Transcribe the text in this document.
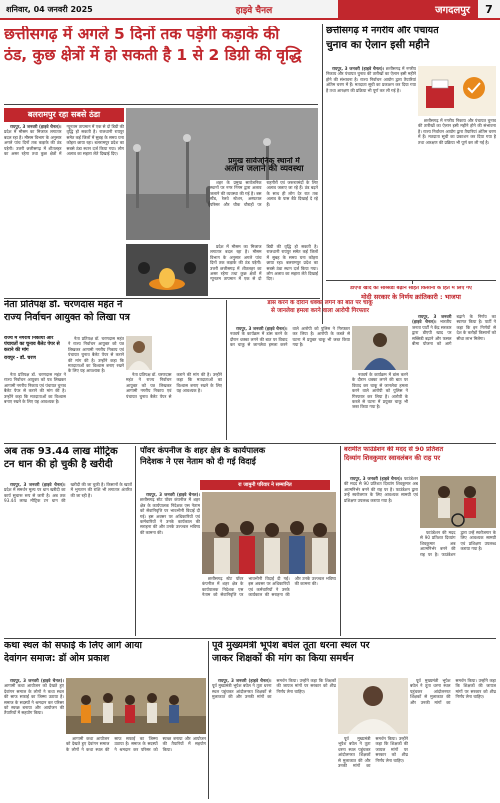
शनिवार, 04 जनवरी 2025	हाइवे चैनल	जगदलपुर	7
छत्तीसगढ़ में अगले 5 दिनों तक पड़ेगी कड़ाके की
ठंड, कुछ क्षेत्रों में हो सकती है 1 से 2 डिग्री की वृद्धि
बलरामपुर रहा सबसे ठंडा

रायपुर, 3 जनवरी (हाइवे चैनल)। प्रदेश में मौसम का मिजाज लगातार बदल रहा है। मौसम विभाग के अनुसार अगले पांच दिनों तक कड़ाके की ठंड पड़ेगी। उत्तरी छत्तीसगढ़ में शीतलहर का असर रहेगा तथा कुछ क्षेत्रों में न्यूनतम तापमान में एक से दो डिग्री की वृद्धि हो सकती है। राजधानी रायपुर समेत कई जिलों में सुबह के समय घना कोहरा छाया रहा। बलरामपुर प्रदेश का सबसे ठंडा स्थान दर्ज किया गया। लोग अलाव का सहारा लेते दिखाई दिए।

प्रदेश में मौसम का मिजाज लगातार बदल रहा है। मौसम विभाग के अनुसार अगले पांच दिनों तक कड़ाके की ठंड पड़ेगी। उत्तरी छत्तीसगढ़ में शीतलहर का असर रहेगा तथा कुछ क्षेत्रों में न्यूनतम तापमान में एक से दो डिग्री की वृद्धि हो सकती है। राजधानी रायपुर समेत कई जिलों में सुबह के समय घना कोहरा छाया रहा। बलरामपुर प्रदेश का सबसे ठंडा स्थान दर्ज किया गया। लोग अलाव का सहारा लेते दिखाई दिए।

प्रमुख सार्वजनिक स्थानों में
अलाव जलाने की व्यवस्था

शहर के प्रमुख सार्वजनिक स्थानों पर नगर निगम द्वारा अलाव जलाने की व्यवस्था की गई है। बस स्टैंड, रेलवे स्टेशन, अस्पताल परिसर और चौक चौराहों पर राहगीरों एवं जरूरतमंदों के लिए अलाव जलाए जा रहे हैं। ठंड बढ़ने के साथ ही लोग देर रात तक अलाव के पास बैठे दिखाई दे रहे हैं।

छत्तीसगढ़ में नगरीय और पंचायत
चुनाव का ऐलान इसी महीने

रायपुर, 3 जनवरी (हाइवे चैनल)। छत्तीसगढ़ में नगरीय निकाय और पंचायत चुनाव की तारीखों का ऐलान इसी महीने होने की संभावना है। राज्य निर्वाचन आयोग द्वारा तैयारियां अंतिम चरण में हैं। मतदाता सूची का प्रकाशन कर दिया गया है तथा आरक्षण की प्रक्रिया भी पूर्ण कर ली गई है।

छत्तीसगढ़ में नगरीय निकाय और पंचायत चुनाव की तारीखों का ऐलान इसी महीने होने की संभावना है। राज्य निर्वाचन आयोग द्वारा तैयारियां अंतिम चरण में हैं। मतदाता सूची का प्रकाशन कर दिया गया है तथा आरक्षण की प्रक्रिया भी पूर्ण कर ली गई है।

नेता प्रतिपक्ष डॉ. चरणदास महंत ने
राज्य निर्वाचन आयुक्त को लिखा पत्र
राज्य में नगरीय निकायों और पंचायतों का चुनाव बैलेट पेपर से कराने की मांग
रायपुर - डॉ. चरण

नेता प्रतिपक्ष डॉ. चरणदास महंत ने राज्य निर्वाचन आयुक्त को पत्र लिखकर आगामी नगरीय निकाय एवं पंचायत चुनाव बैलेट पेपर से कराने की मांग की है। उन्होंने कहा कि मतदाताओं का विश्वास बनाए रखने के लिए यह आवश्यक है।

नेता प्रतिपक्ष डॉ. चरणदास महंत ने राज्य निर्वाचन आयुक्त को पत्र लिखकर आगामी नगरीय निकाय एवं पंचायत चुनाव बैलेट पेपर से कराने की मांग की है। उन्होंने कहा कि मतदाताओं का विश्वास बनाए रखने के लिए यह आवश्यक है।

नेता प्रतिपक्ष डॉ. चरणदास महंत ने राज्य निर्वाचन आयुक्त को पत्र लिखकर आगामी नगरीय निकाय एवं पंचायत चुनाव बैलेट पेपर से कराने की मांग की है। उन्होंने कहा कि मतदाताओं का विश्वास बनाए रखने के लिए यह आवश्यक है।

डांस करने के दौरान धक्का लगने को बात पर चाकू
से जानलेवा हमला करने वाला आरोपी गिरफ्तार

रायपुर, 3 जनवरी (हाइवे चैनल)। नववर्ष के कार्यक्रम में डांस करने के दौरान धक्का लगने की बात पर विवाद कर चाकू से जानलेवा हमला करने वाले आरोपी को पुलिस ने गिरफ्तार कर लिया है। आरोपी के कब्जे से घटना में प्रयुक्त चाकू भी जब्त किया गया है।

नववर्ष के कार्यक्रम में डांस करने के दौरान धक्का लगने की बात पर विवाद कर चाकू से जानलेवा हमला करने वाले आरोपी को पुलिस ने गिरफ्तार कर लिया है। आरोपी के कब्जे से घटना में प्रयुक्त चाकू भी जब्त किया गया है।

डीएपी खाद की सब्सिडी बढ़ाने सहित किसानों के हित में लिए गए
मोदी सरकार के निर्णय क्रांतिकारी : भाजपा

रायपुर, 3 जनवरी (हाइवे चैनल)। भारतीय जनता पार्टी ने केंद्र सरकार द्वारा डीएपी खाद पर सब्सिडी बढ़ाने और फसल बीमा योजना को आगे बढ़ाने के निर्णय का स्वागत किया है। पार्टी ने कहा कि इन निर्णयों से देश के करोड़ों किसानों को सीधा लाभ मिलेगा।

अब तक 93.44 लाख मीट्रिक
टन धान की हो चुकी है खरीदी

रायपुर, 3 जनवरी (हाइवे चैनल)। प्रदेश में समर्थन मूल्य पर धान खरीदी का कार्य सुचारू रूप से जारी है। अब तक 93.44 लाख मीट्रिक टन धान की खरीदी की जा चुकी है। किसानों के खातों में भुगतान की राशि भी लगातार अंतरित की जा रही है।

पॉवर कंपनीज के शहर क्षेत्र के कार्यपालक
निदेशक ने एस नेताम को दी गई विदाई
रा जामुनी परिवार ने सम्मानित

रायपुर, 3 जनवरी (हाइवे चैनल)। छत्तीसगढ़ स्टेट पॉवर कंपनीज में शहर क्षेत्र के कार्यपालक निदेशक एस नेताम को सेवानिवृत्ति पर भावभीनी विदाई दी गई। इस अवसर पर अधिकारियों एवं कर्मचारियों ने उनके कार्यकाल की सराहना की और उनके उज्ज्वल भविष्य की कामना की।

छत्तीसगढ़ स्टेट पॉवर कंपनीज में शहर क्षेत्र के कार्यपालक निदेशक एस नेताम को सेवानिवृत्ति पर भावभीनी विदाई दी गई। इस अवसर पर अधिकारियों एवं कर्मचारियों ने उनके कार्यकाल की सराहना की और उनके उज्ज्वल भविष्य की कामना की।

बरामीत फाउंडेशन की मदद से 90 प्रतिशत
दिव्यांग शिवकुमार स्वावलंबन की राह पर

रायपुर, 3 जनवरी (हाइवे चैनल)। फाउंडेशन की मदद से 90 प्रतिशत दिव्यांग शिवकुमार अब आत्मनिर्भर बनने की राह पर है। फाउंडेशन द्वारा उन्हें स्वरोजगार के लिए आवश्यक सामग्री एवं प्रशिक्षण उपलब्ध कराया गया है।

फाउंडेशन की मदद से 90 प्रतिशत दिव्यांग शिवकुमार अब आत्मनिर्भर बनने की राह पर है। फाउंडेशन द्वारा उन्हें स्वरोजगार के लिए आवश्यक सामग्री एवं प्रशिक्षण उपलब्ध कराया गया है।

कथा स्थल की सफाई के लिए आगे आया
देवांगन समाज: डॉ ओम प्रकाश

रायपुर, 3 जनवरी (हाइवे चैनल)। आगामी कथा आयोजन को देखते हुए देवांगन समाज के लोगों ने कथा स्थल की साफ सफाई का जिम्मा उठाया है। समाज के सदस्यों ने श्रमदान कर परिसर को स्वच्छ बनाया और आयोजन की तैयारियों में सहयोग किया।

आगामी कथा आयोजन को देखते हुए देवांगन समाज के लोगों ने कथा स्थल की साफ सफाई का जिम्मा उठाया है। समाज के सदस्यों ने श्रमदान कर परिसर को स्वच्छ बनाया और आयोजन की तैयारियों में सहयोग किया।

पूर्व मुख्यमंत्री भूपेश बघेल तूता धरना स्थल पर
जाकर शिक्षकों की मांग का किया समर्थन

रायपुर, 3 जनवरी (हाइवे चैनल)। पूर्व मुख्यमंत्री भूपेश बघेल ने तूता धरना स्थल पहुंचकर आंदोलनरत शिक्षकों से मुलाकात की और उनकी मांगों का समर्थन किया। उन्होंने कहा कि शिक्षकों की जायज मांगों पर सरकार को शीघ्र निर्णय लेना चाहिए।

पूर्व मुख्यमंत्री भूपेश बघेल ने तूता धरना स्थल पहुंचकर आंदोलनरत शिक्षकों से मुलाकात की और उनकी मांगों का समर्थन किया। उन्होंने कहा कि शिक्षकों की जायज मांगों पर सरकार को शीघ्र निर्णय लेना चाहिए।

पूर्व मुख्यमंत्री भूपेश बघेल ने तूता धरना स्थल पहुंचकर आंदोलनरत शिक्षकों से मुलाकात की और उनकी मांगों का समर्थन किया। उन्होंने कहा कि शिक्षकों की जायज मांगों पर सरकार को शीघ्र निर्णय लेना चाहिए।
